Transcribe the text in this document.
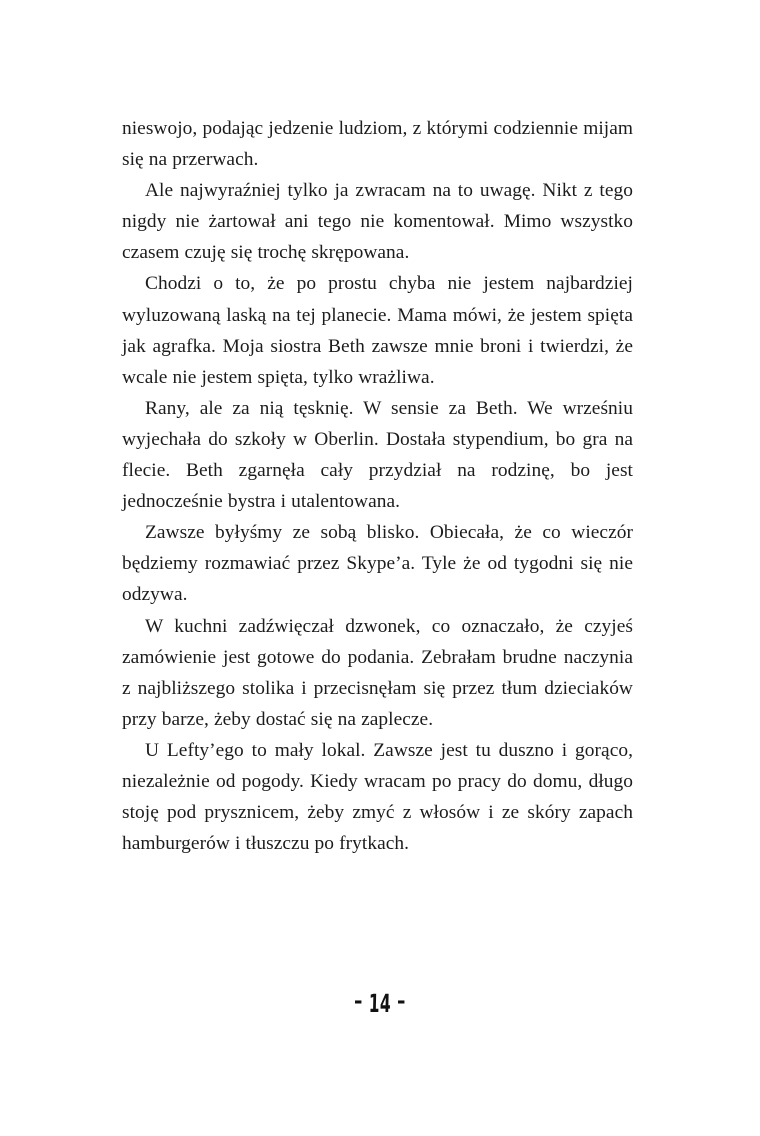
nieswojo, podając jedzenie ludziom, z którymi codziennie mijam się na przerwach.

Ale najwyraźniej tylko ja zwracam na to uwagę. Nikt z tego nigdy nie żartował ani tego nie komentował. Mimo wszystko czasem czuję się trochę skrępowana.

Chodzi o to, że po prostu chyba nie jestem najbardziej wyluzowaną laską na tej planecie. Mama mówi, że jestem spięta jak agrafka. Moja siostra Beth zawsze mnie broni i twierdzi, że wcale nie jestem spięta, tylko wrażliwa.

Rany, ale za nią tęsknię. W sensie za Beth. We wrześniu wyjechała do szkoły w Oberlin. Dostała stypendium, bo gra na flecie. Beth zgarnęła cały przydział na rodzinę, bo jest jednocześnie bystra i utalentowana.

Zawsze byłyśmy ze sobą blisko. Obiecała, że co wieczór będziemy rozmawiać przez Skype’a. Tyle że od tygodni się nie odzywa.

W kuchni zadźwięczał dzwonek, co oznaczało, że czyjeś zamówienie jest gotowe do podania. Zebrałam brudne naczynia z najbliższego stolika i przecisnęłam się przez tłum dzieciaków przy barze, żeby dostać się na zaplecze.

U Lefty’ego to mały lokal. Zawsze jest tu duszno i gorąco, niezależnie od pogody. Kiedy wracam po pracy do domu, długo stoję pod prysznicem, żeby zmyć z włosów i ze skóry zapach hamburgerów i tłuszczu po frytkach.

- 14 -
